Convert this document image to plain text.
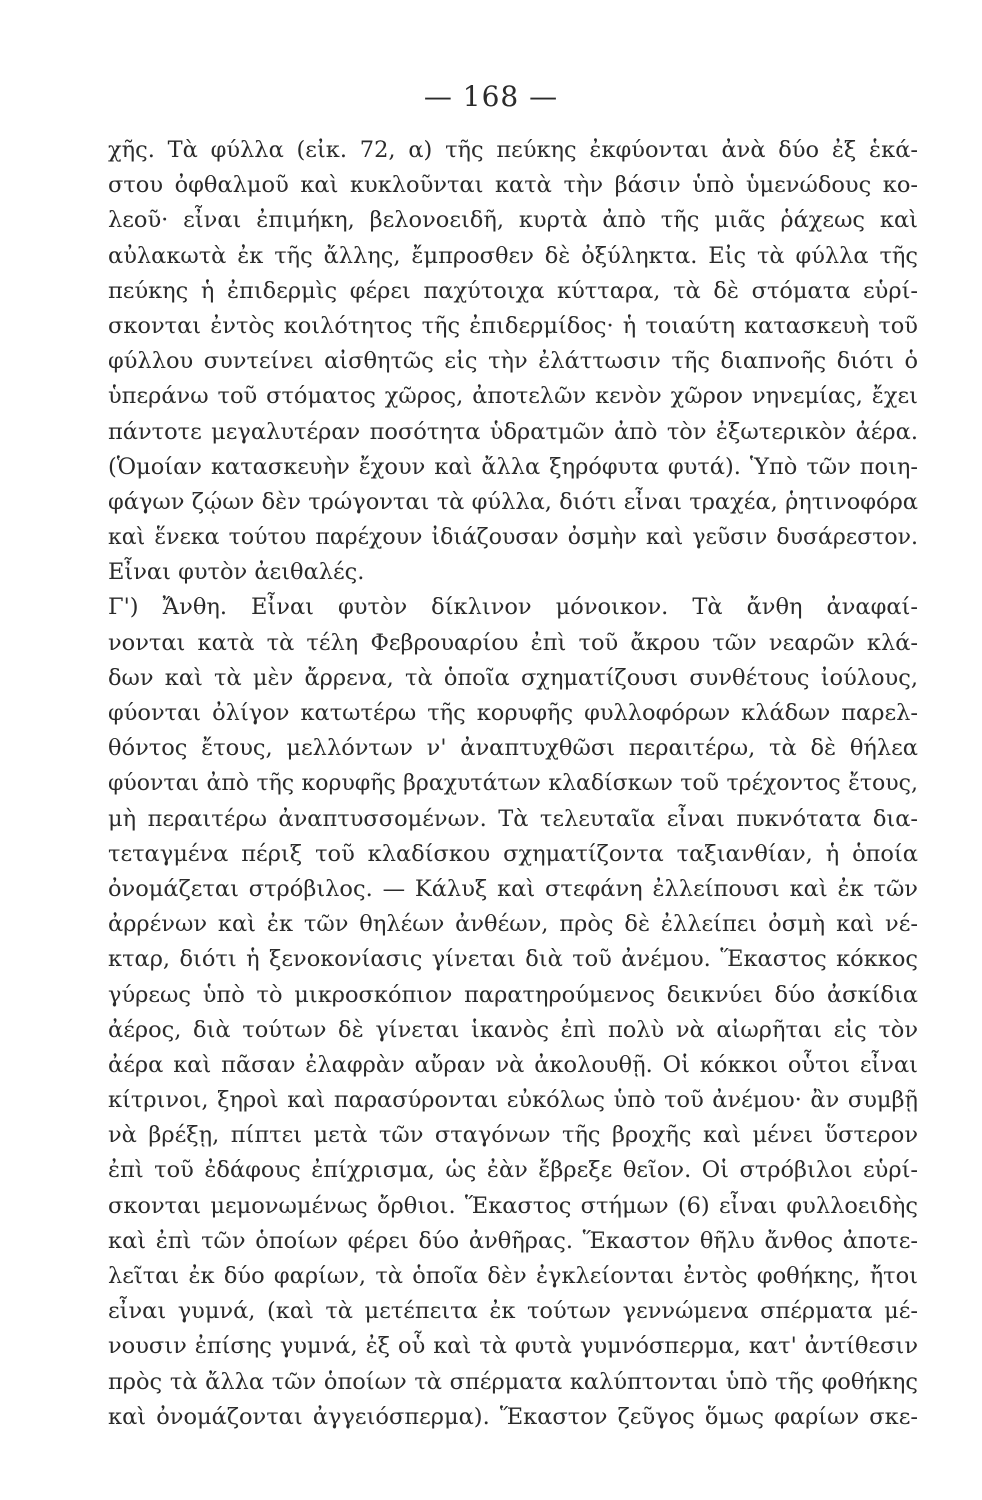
— 168 —
χῆς. Τὰ φύλλα (εἰκ. 72, α) τῆς πεύκης ἐκφύονται ἀνὰ δύο ἐξ ἑκά-
στου ὀφθαλμοῦ καὶ κυκλοῦνται κατὰ τὴν βάσιν ὑπὸ ὑμενώδους κο-
λεοῦ· εἶναι ἐπιμήκη, βελονοειδῆ, κυρτὰ ἀπὸ τῆς μιᾶς ῥάχεως καὶ
αὐλακωτὰ ἐκ τῆς ἄλλης, ἔμπροσθεν δὲ ὀξύληκτα. Εἰς τὰ φύλλα τῆς
πεύκης ἡ ἐπιδερμὶς φέρει παχύτοιχα κύτταρα, τὰ δὲ στόματα εὑρί-
σκονται ἐντὸς κοιλότητος τῆς ἐπιδερμίδος· ἡ τοιαύτη κατασκευὴ τοῦ
φύλλου συντείνει αἰσθητῶς εἰς τὴν ἐλάττωσιν τῆς διαπνοῆς διότι ὁ
ὑπεράνω τοῦ στόματος χῶρος, ἀποτελῶν κενὸν χῶρον νηνεμίας, ἔχει
πάντοτε μεγαλυτέραν ποσότητα ὑδρατμῶν ἀπὸ τὸν ἐξωτερικὸν ἀέρα.
(Ὁμοίαν κατασκευὴν ἔχουν καὶ ἄλλα ξηρόφυτα φυτά). Ὑπὸ τῶν ποιη-
φάγων ζῴων δὲν τρώγονται τὰ φύλλα, διότι εἶναι τραχέα, ῥητινοφόρα
καὶ ἕνεκα τούτου παρέχουν ἰδιάζουσαν ὀσμὴν καὶ γεῦσιν δυσάρεστον.
Εἶναι φυτὸν ἀειθαλές.
Γ') Ἄνθη. Εἶναι φυτὸν δίκλινον μόνοικον. Τὰ ἄνθη ἀναφαί-
νονται κατὰ τὰ τέλη Φεβρουαρίου ἐπὶ τοῦ ἄκρου τῶν νεαρῶν κλά-
δων καὶ τὰ μὲν ἄρρενα, τὰ ὁποῖα σχηματίζουσι συνθέτους ἰούλους,
φύονται ὀλίγον κατωτέρω τῆς κορυφῆς φυλλοφόρων κλάδων παρελ-
θόντος ἔτους, μελλόντων ν' ἀναπτυχθῶσι περαιτέρω, τὰ δὲ θήλεα
φύονται ἀπὸ τῆς κορυφῆς βραχυτάτων κλαδίσκων τοῦ τρέχοντος ἔτους,
μὴ περαιτέρω ἀναπτυσσομένων. Τὰ τελευταῖα εἶναι πυκνότατα δια-
τεταγμένα πέριξ τοῦ κλαδίσκου σχηματίζοντα ταξιανθίαν, ἡ ὁποία
ὀνομάζεται στρόβιλος. — Κάλυξ καὶ στεφάνη ἐλλείπουσι καὶ ἐκ τῶν
ἀρρένων καὶ ἐκ τῶν θηλέων ἀνθέων, πρὸς δὲ ἐλλείπει ὀσμὴ καὶ νέ-
κταρ, διότι ἡ ξενοκονίασις γίνεται διὰ τοῦ ἀνέμου. Ἕκαστος κόκκος
γύρεως ὑπὸ τὸ μικροσκόπιον παρατηρούμενος δεικνύει δύο ἀσκίδια
ἀέρος, διὰ τούτων δὲ γίνεται ἱκανὸς ἐπὶ πολὺ νὰ αἰωρῆται εἰς τὸν
ἀέρα καὶ πᾶσαν ἐλαφρὰν αὔραν νὰ ἀκολουθῇ. Οἱ κόκκοι οὗτοι εἶναι
κίτρινοι, ξηροὶ καὶ παρασύρονται εὐκόλως ὑπὸ τοῦ ἀνέμου· ἂν συμβῇ
νὰ βρέξῃ, πίπτει μετὰ τῶν σταγόνων τῆς βροχῆς καὶ μένει ὕστερον
ἐπὶ τοῦ ἐδάφους ἐπίχρισμα, ὡς ἐὰν ἔβρεξε θεῖον. Οἱ στρόβιλοι εὑρί-
σκονται μεμονωμένως ὄρθιοι. Ἕκαστος στήμων (6) εἶναι φυλλοειδὴς
καὶ ἐπὶ τῶν ὁποίων φέρει δύο ἀνθῆρας. Ἕκαστον θῆλυ ἄνθος ἀποτε-
λεῖται ἐκ δύο φαρίων, τὰ ὁποῖα δὲν ἐγκλείονται ἐντὸς φοθήκης, ἤτοι
εἶναι γυμνά, (καὶ τὰ μετέπειτα ἐκ τούτων γεννώμενα σπέρματα μέ-
νουσιν ἐπίσης γυμνά, ἐξ οὗ καὶ τὰ φυτὰ γυμνόσπερμα, κατ' ἀντίθεσιν
πρὸς τὰ ἄλλα τῶν ὁποίων τὰ σπέρματα καλύπτονται ὑπὸ τῆς φοθήκης
καὶ ὀνομάζονται ἀγγειόσπερμα). Ἕκαστον ζεῦγος ὅμως φαρίων σκε-
